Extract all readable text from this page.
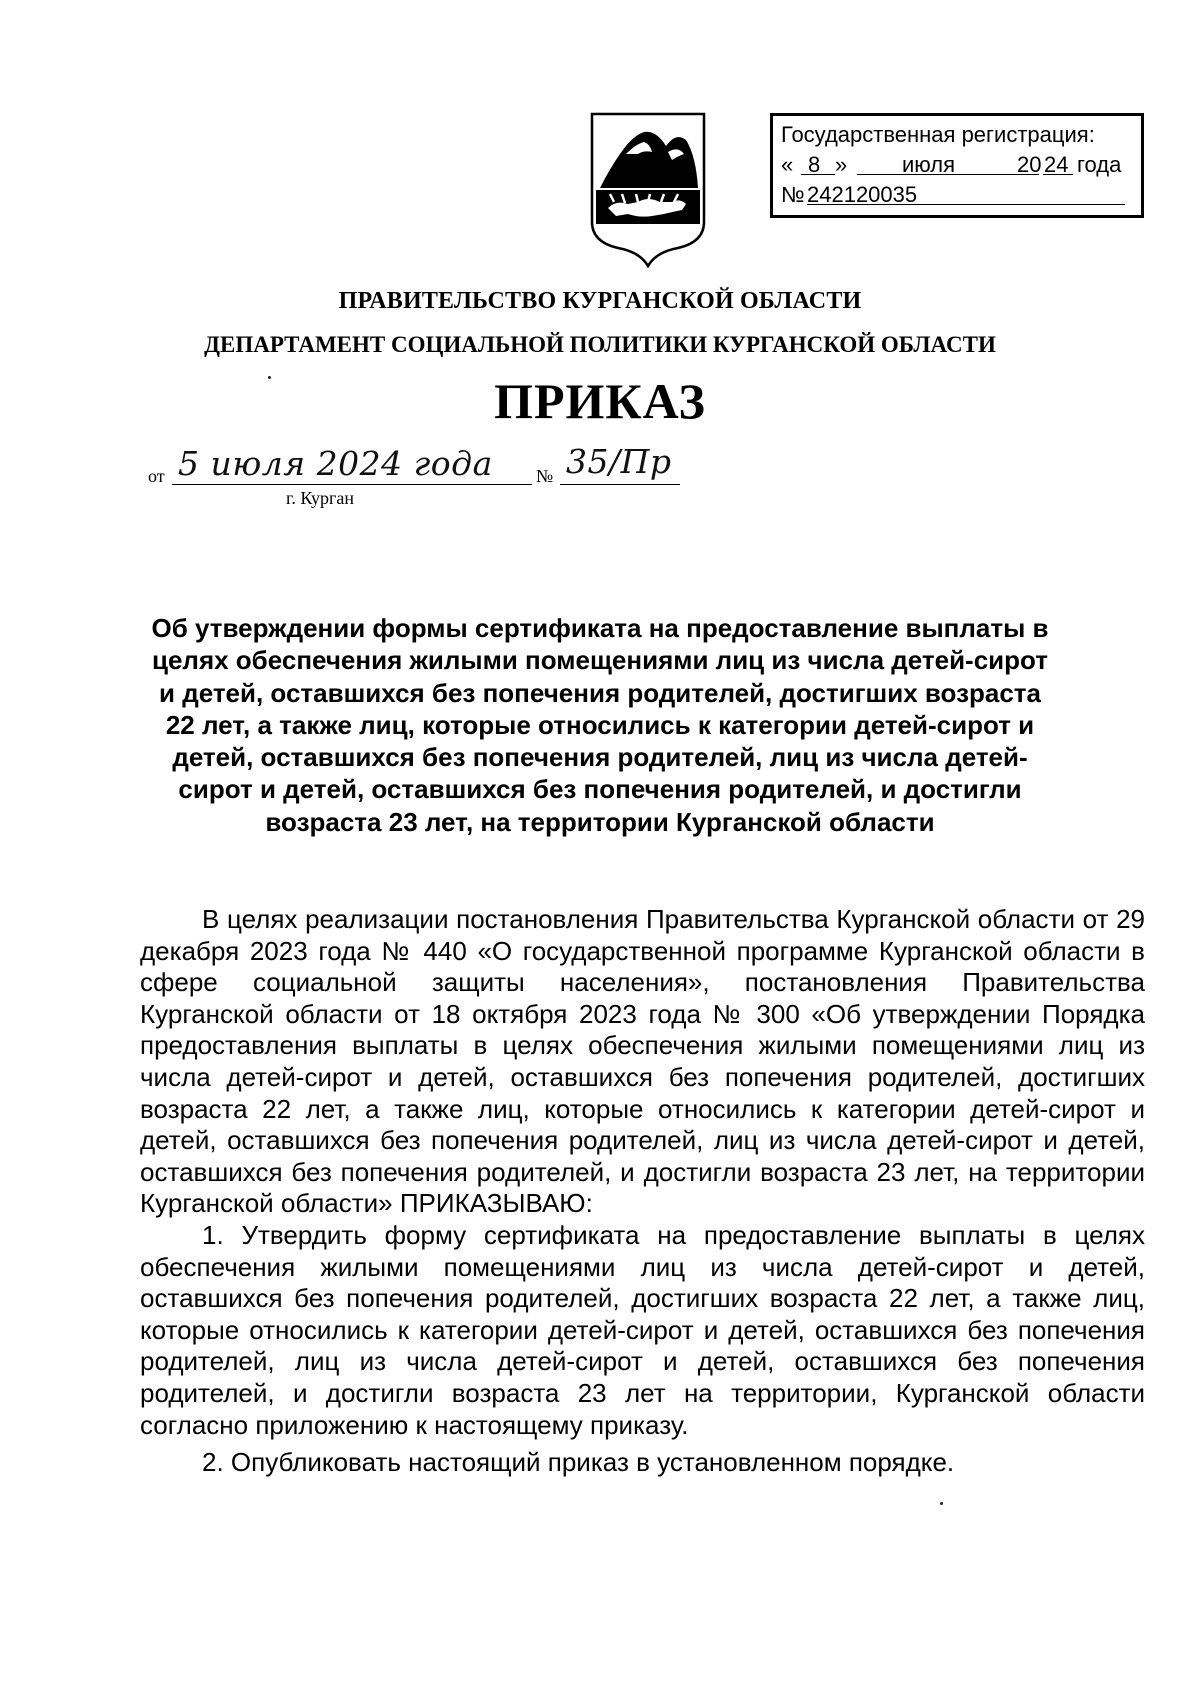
Государственная регистрация:
« 8 » июля	20 24 года
№ 242120035
ПРАВИТЕЛЬСТВО КУРГАНСКОЙ ОБЛАСТИ
ДЕПАРТАМЕНТ СОЦИАЛЬНОЙ ПОЛИТИКИ КУРГАНСКОЙ ОБЛАСТИ
ПРИКАЗ
от 5 июля 2024 года № 35/Пр
г. Курган
Об утверждении формы сертификата на предоставление выплаты в целях обеспечения жилыми помещениями лиц из числа детей-сирот и детей, оставшихся без попечения родителей, достигших возраста 22 лет, а также лиц, которые относились к категории детей-сирот и детей, оставшихся без попечения родителей, лиц из числа детей-сирот и детей, оставшихся без попечения родителей, и достигли возраста 23 лет, на территории Курганской области

В целях реализации постановления Правительства Курганской области от 29 декабря 2023 года № 440 «О государственной программе Курганской области в сфере социальной защиты населения», постановления Правительства Курганской области от 18 октября 2023 года № 300 «Об утверждении Порядка предоставления выплаты в целях обеспечения жилыми помещениями лиц из числа детей-сирот и детей, оставшихся без попечения родителей, достигших возраста 22 лет, а также лиц, которые относились к категории детей-сирот и детей, оставшихся без попечения родителей, лиц из числа детей-сирот и детей, оставшихся без попечения родителей, и достигли возраста 23 лет, на территории Курганской области» ПРИКАЗЫВАЮ:

1. Утвердить форму сертификата на предоставление выплаты в целях обеспечения жилыми помещениями лиц из числа детей-сирот и детей, оставшихся без попечения родителей, достигших возраста 22 лет, а также лиц, которые относились к категории детей-сирот и детей, оставшихся без попечения родителей, лиц из числа детей-сирот и детей, оставшихся без попечения родителей, и достигли возраста 23 лет на территории, Курганской области согласно приложению к настоящему приказу.

2. Опубликовать настоящий приказ в установленном порядке.
